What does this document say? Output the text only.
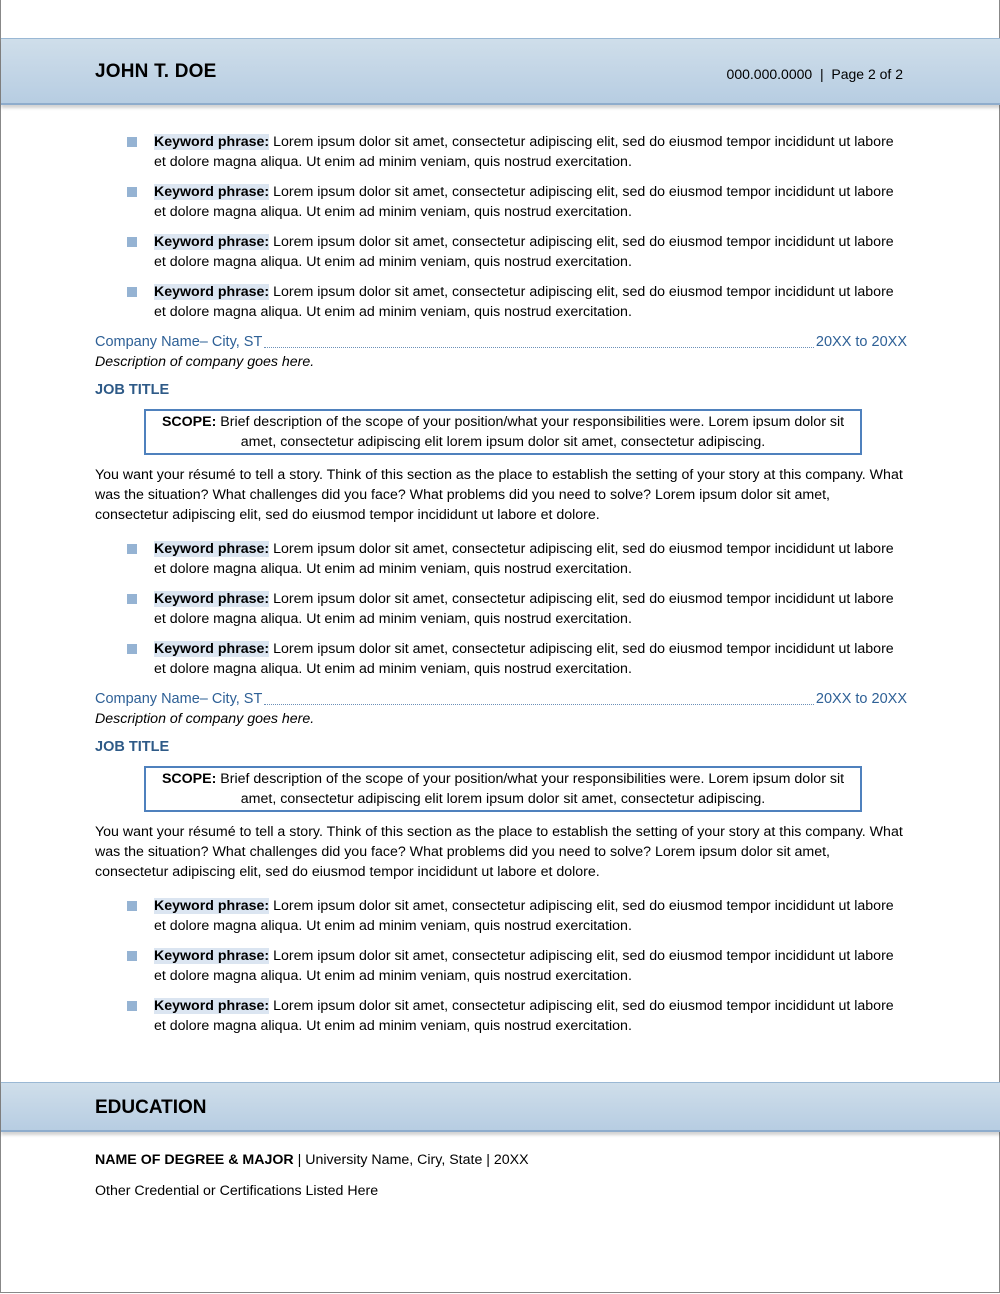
JOHN T. DOE	000.000.0000 | Page 2 of 2
Keyword phrase: Lorem ipsum dolor sit amet, consectetur adipiscing elit, sed do eiusmod tempor incididunt ut labore et dolore magna aliqua. Ut enim ad minim veniam, quis nostrud exercitation.
Keyword phrase: Lorem ipsum dolor sit amet, consectetur adipiscing elit, sed do eiusmod tempor incididunt ut labore et dolore magna aliqua. Ut enim ad minim veniam, quis nostrud exercitation.
Keyword phrase: Lorem ipsum dolor sit amet, consectetur adipiscing elit, sed do eiusmod tempor incididunt ut labore et dolore magna aliqua. Ut enim ad minim veniam, quis nostrud exercitation.
Keyword phrase: Lorem ipsum dolor sit amet, consectetur adipiscing elit, sed do eiusmod tempor incididunt ut labore et dolore magna aliqua. Ut enim ad minim veniam, quis nostrud exercitation.
Company Name – City, ST	20XX to 20XX
Description of company goes here.
JOB TITLE
SCOPE: Brief description of the scope of your position/what your responsibilities were. Lorem ipsum dolor sit amet, consectetur adipiscing elit lorem ipsum dolor sit amet, consectetur adipiscing.
You want your résumé to tell a story. Think of this section as the place to establish the setting of your story at this company. What was the situation? What challenges did you face? What problems did you need to solve? Lorem ipsum dolor sit amet, consectetur adipiscing elit, sed do eiusmod tempor incididunt ut labore et dolore.
Keyword phrase: Lorem ipsum dolor sit amet, consectetur adipiscing elit, sed do eiusmod tempor incididunt ut labore et dolore magna aliqua. Ut enim ad minim veniam, quis nostrud exercitation.
Keyword phrase: Lorem ipsum dolor sit amet, consectetur adipiscing elit, sed do eiusmod tempor incididunt ut labore et dolore magna aliqua. Ut enim ad minim veniam, quis nostrud exercitation.
Keyword phrase: Lorem ipsum dolor sit amet, consectetur adipiscing elit, sed do eiusmod tempor incididunt ut labore et dolore magna aliqua. Ut enim ad minim veniam, quis nostrud exercitation.
Company Name – City, ST	20XX to 20XX
Description of company goes here.
JOB TITLE
SCOPE: Brief description of the scope of your position/what your responsibilities were. Lorem ipsum dolor sit amet, consectetur adipiscing elit lorem ipsum dolor sit amet, consectetur adipiscing.
You want your résumé to tell a story. Think of this section as the place to establish the setting of your story at this company. What was the situation? What challenges did you face? What problems did you need to solve? Lorem ipsum dolor sit amet, consectetur adipiscing elit, sed do eiusmod tempor incididunt ut labore et dolore.
Keyword phrase: Lorem ipsum dolor sit amet, consectetur adipiscing elit, sed do eiusmod tempor incididunt ut labore et dolore magna aliqua. Ut enim ad minim veniam, quis nostrud exercitation.
Keyword phrase: Lorem ipsum dolor sit amet, consectetur adipiscing elit, sed do eiusmod tempor incididunt ut labore et dolore magna aliqua. Ut enim ad minim veniam, quis nostrud exercitation.
Keyword phrase: Lorem ipsum dolor sit amet, consectetur adipiscing elit, sed do eiusmod tempor incididunt ut labore et dolore magna aliqua. Ut enim ad minim veniam, quis nostrud exercitation.
EDUCATION
NAME OF DEGREE & MAJOR | University Name, Ciry, State | 20XX
Other Credential or Certifications Listed Here
